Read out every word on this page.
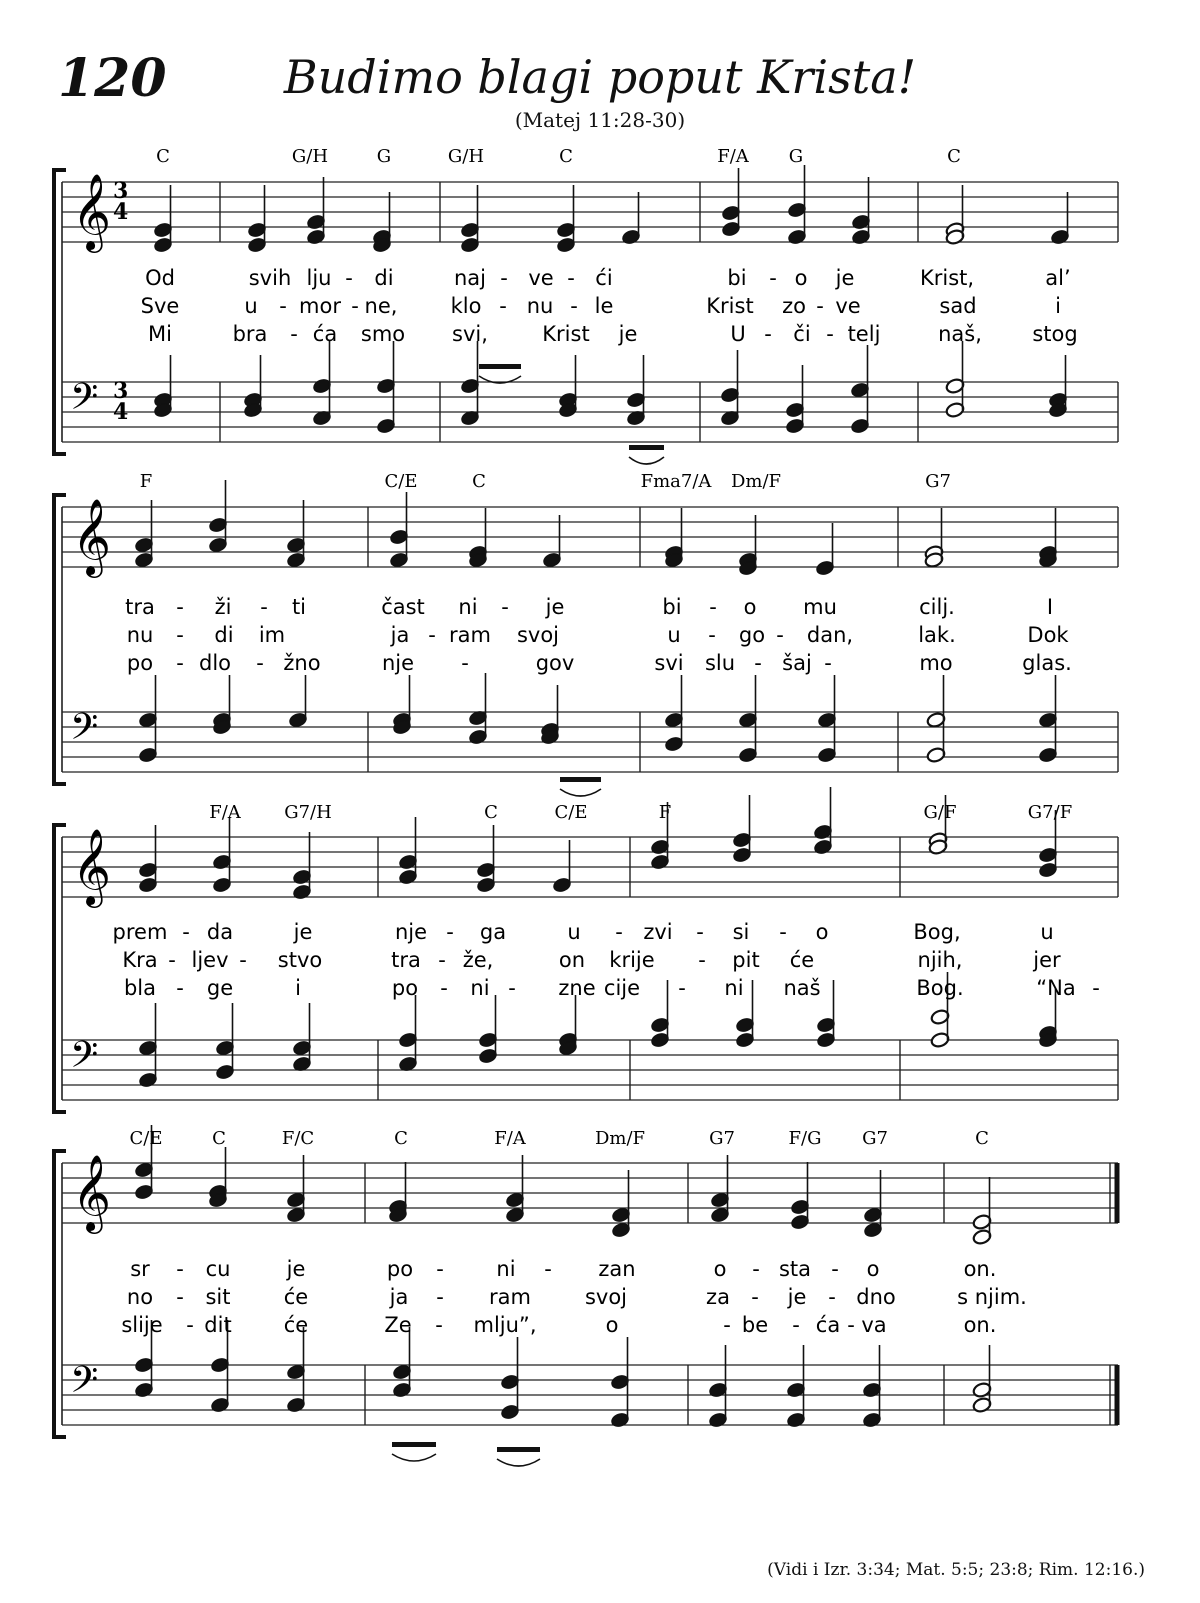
120	Budimo blagi poput Krista!
(Matej 11:28-30)
𝄞 3
4
𝄢 3
4
C	G/H	G	G/H	C	F/A G	C
Od	svih lju - di	naj - ve - ći	bi - o je	Krist,	al’
Sve	u - mor - ne,	klo - nu - le	Krist zo - ve	sad	i
Mi	bra - ća smo svi,	Krist je	U - či - telj	naš, stog
𝄞
𝄢
F	C/E	C	Fma7/A Dm/F	G7
tra - ži - ti	čast ni - je	bi - o mu	cilj.	I
nu - di im	ja - ram svoj	u - go - dan,	lak.	Dok
po - dlo - žno	nje -	gov	svi slu - šaj -	mo	glas.
𝄞
𝄢
F/A G7/H	C	C/E	F	G/F	G7/F
prem - da	je	nje - ga	u - zvi - si - o	Bog,	u
Kra - ljev - stvo	tra - že,	on krije - pit će	njih,	jer
bla - ge	i	po - ni - zne cije - ni naš	Bog.	“Na -
𝄞
𝄢
C/E	C	F/C	C	F/A	Dm/F	G7	F/G G7	C
sr - cu	je	po -	ni - zan	o - sta - o	on.
no - sit	će	ja - ram	svoj	za - je - dno	s njim.
slije - dit će	Ze - mlju”,	o	- be - ća - va	on.
(Vidi i Izr. 3:34; Mat. 5:5; 23:8; Rim. 12:16.)
